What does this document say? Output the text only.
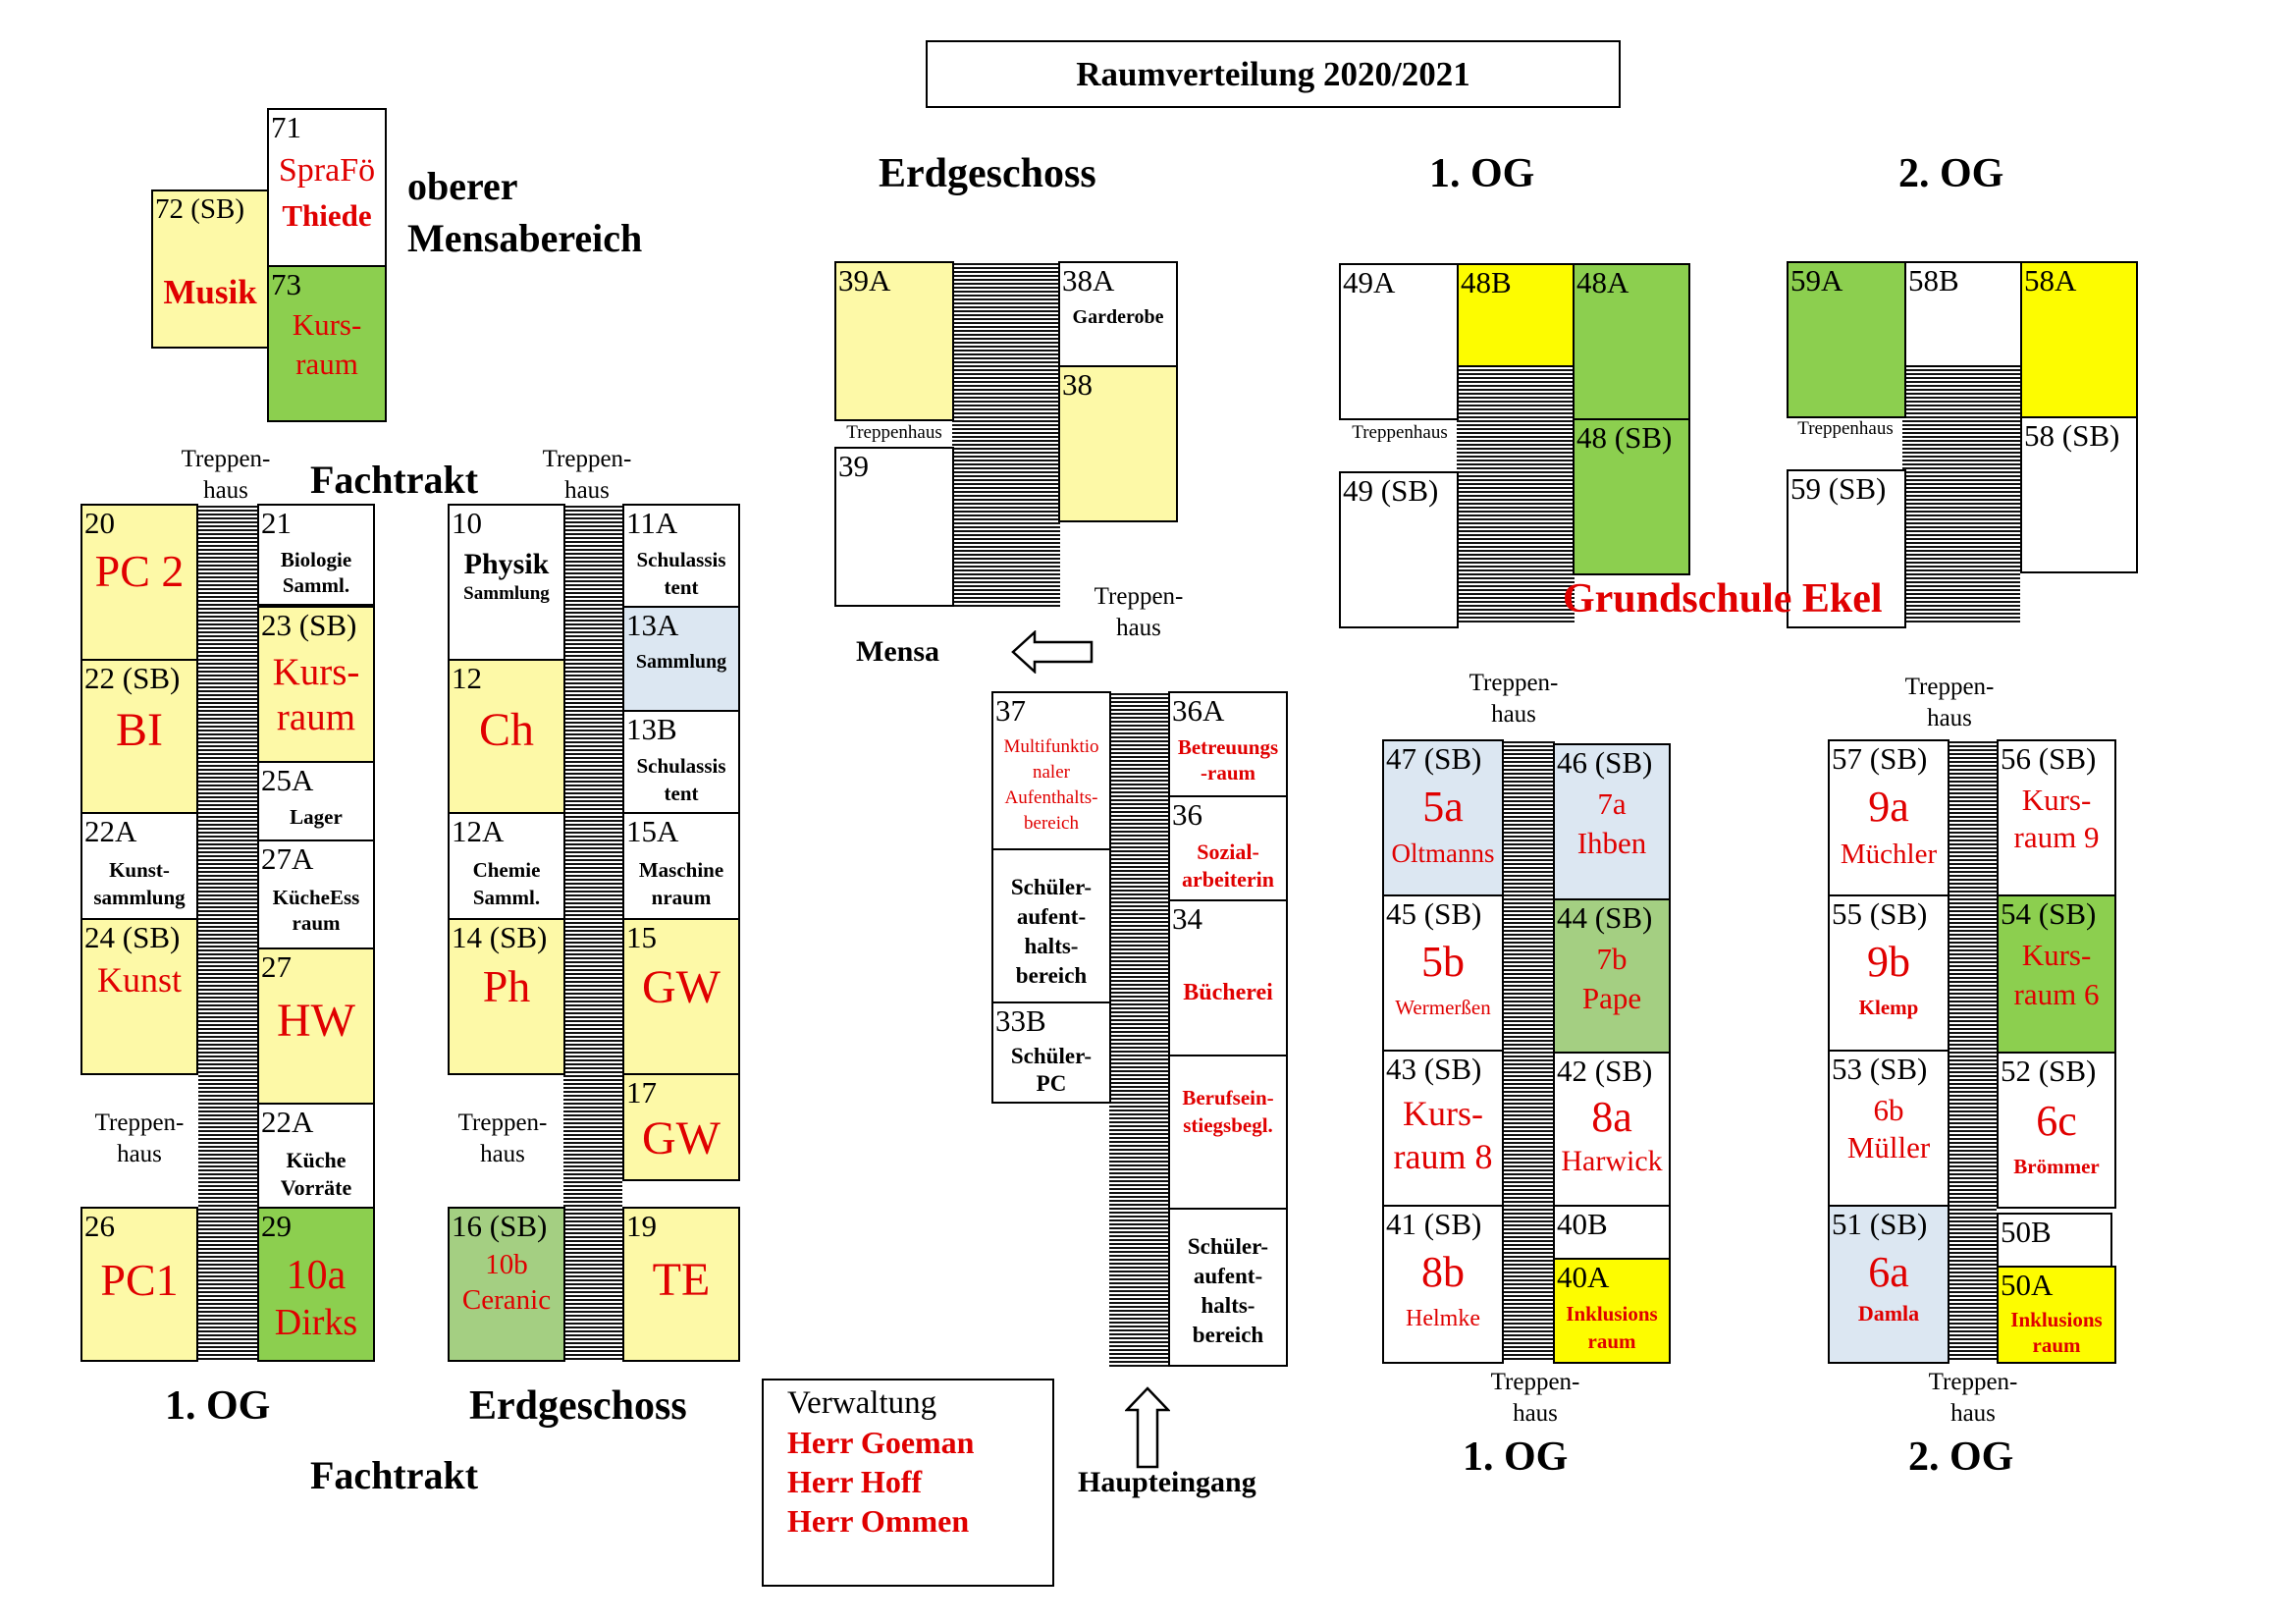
Raumverteilung 2020/2021
71
SpraFö
Thiede
72 (SB)
Musik 73
Kurs-
raum
oberer
Mensabereich
Treppen-
haus	Fachtrakt	Treppen-
haus
20
PC 2
21
Biologie
Samml.
23 (SB)
Kurs-
raum
22 (SB)
BI
25A
Lager
22A
Kunst-
sammlung
27A
KücheEss
raum
24 (SB)
Kunst	27
HW
Treppen-
haus
22A
Küche
Vorräte
26
PC1
29
10a
Dirks
10
Physik
Sammlung
11A
Schulassis
tent
13A
Sammlung
12
Ch	13B
Schulassis
tent
12A
Chemie
Samml.
15A
Maschine
nraum
14 (SB)
Ph
15
GW
Treppen-
haus
17
GW
16 (SB)
10b
Ceranic
19
TE
1. OG	Erdgeschoss
Fachtrakt
Erdgeschoss
39A
Treppenhaus
39
38A
Garderobe
38
Treppen-
haus
Mensa
37
Multifunktio
naler
Aufenthalts-
bereich
Schüler-
aufent-
halts-
bereich
33B
Schüler-
PC
36A
Betreuungs
-raum
36
Sozial-
arbeiterin
34
Bücherei
Berufsein-
stiegsbegl.
Schüler-
aufent-
halts-
bereich
Verwaltung
Herr Goeman
Herr Hoff
Herr Ommen
Haupteingang
1. OG
49A 48B 48A
48 (SB)
Treppenhaus
49 (SB)
2. OG
59A 58B 58A
58 (SB)
Treppenhaus
59 (SB)
Grundschule Ekel
Treppen-
haus
47 (SB)
5a
Oltmanns
46 (SB)
7a
Ihben
45 (SB)
5b
Wermerßen
44 (SB)
7b
Pape
43 (SB)
Kurs-
raum 8
42 (SB)
8a
Harwick
41 (SB)
8b
Helmke
40B
40A
Inklusions
raum
Treppen-
haus
1. OG
Treppen-
haus
57 (SB)
9a
Müchler
56 (SB)
Kurs-
raum 9
55 (SB)
9b
Klemp
54 (SB)
Kurs-
raum 6
53 (SB)
6b
Müller
52 (SB)
6c
Brömmer
51 (SB)
6a
Damla
50B
50A
Inklusions
raum
Treppen-
haus
2. OG
